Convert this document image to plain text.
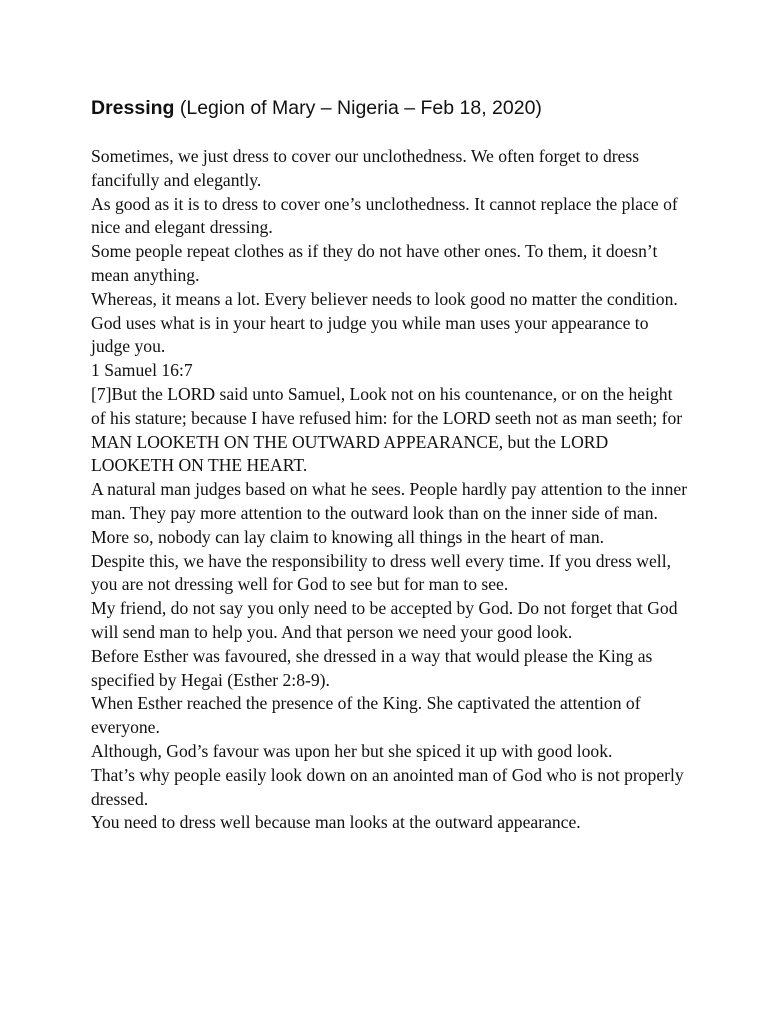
Dressing (Legion of Mary – Nigeria – Feb 18, 2020)

Sometimes, we just dress to cover our unclothedness. We often forget to dress fancifully and elegantly.

As good as it is to dress to cover one’s unclothedness. It cannot replace the place of nice and elegant dressing.

Some people repeat clothes as if they do not have other ones. To them, it doesn’t mean anything.

Whereas, it means a lot. Every believer needs to look good no matter the condition.

God uses what is in your heart to judge you while man uses your appearance to judge you.

1 Samuel 16:7

[7]But the LORD said unto Samuel, Look not on his countenance, or on the height of his stature; because I have refused him: for the LORD seeth not as man seeth; for MAN LOOKETH ON THE OUTWARD APPEARANCE, but the LORD LOOKETH ON THE HEART.

A natural man judges based on what he sees. People hardly pay attention to the inner man. They pay more attention to the outward look than on the inner side of man.

More so, nobody can lay claim to knowing all things in the heart of man.

Despite this, we have the responsibility to dress well every time. If you dress well, you are not dressing well for God to see but for man to see.

My friend, do not say you only need to be accepted by God. Do not forget that God will send man to help you. And that person we need your good look.

Before Esther was favoured, she dressed in a way that would please the King as specified by Hegai (Esther 2:8-9).

When Esther reached the presence of the King. She captivated the attention of everyone.

Although, God’s favour was upon her but she spiced it up with good look.

That’s why people easily look down on an anointed man of God who is not properly dressed.

You need to dress well because man looks at the outward appearance.
